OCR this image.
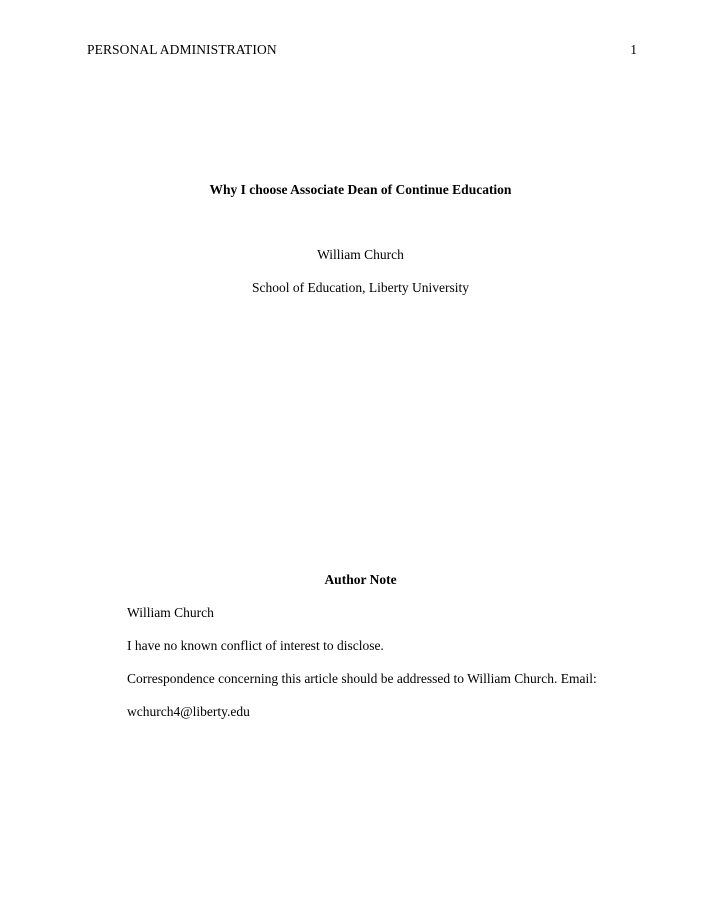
PERSONAL ADMINISTRATION	1
Why I choose Associate Dean of Continue Education
William Church
School of Education, Liberty University
Author Note
William Church
I have no known conflict of interest to disclose.
Correspondence concerning this article should be addressed to William Church. Email:
wchurch4@liberty.edu
